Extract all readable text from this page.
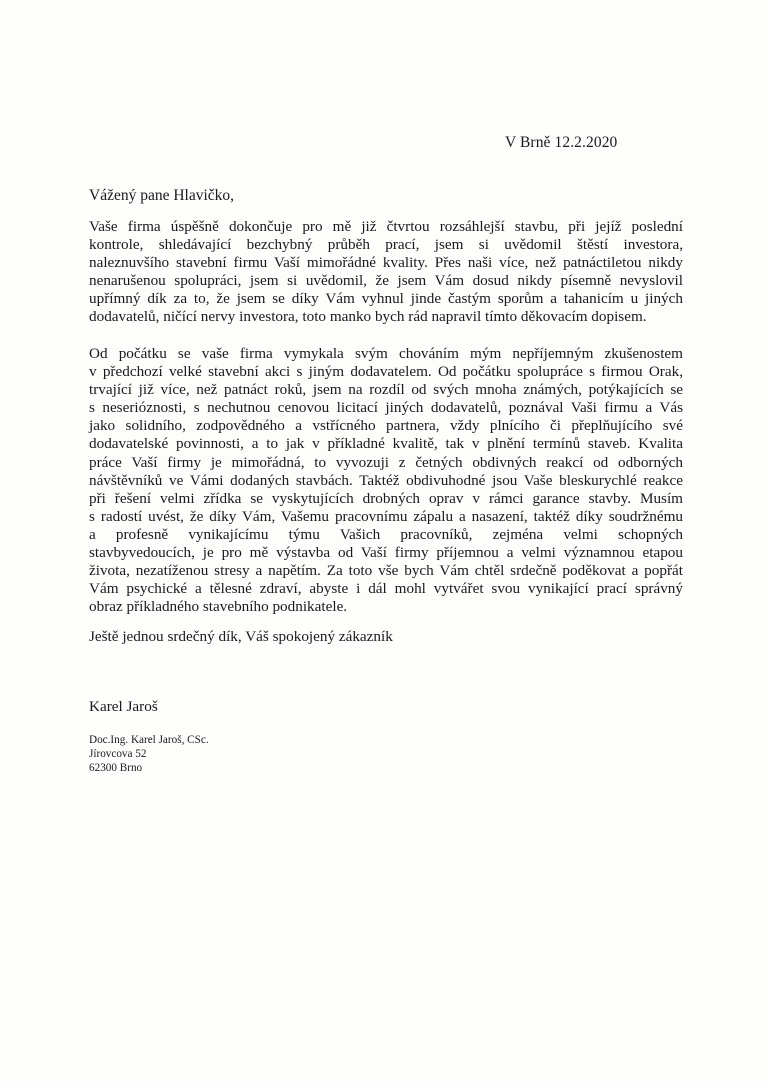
V Brně 12.2.2020
Vážený pane Hlavičko,
Vaše firma úspěšně dokončuje pro mě již čtvrtou rozsáhlejší stavbu, při jejíž poslední
kontrole, shledávající bezchybný průběh prací, jsem si uvědomil štěstí investora,
naleznuvšího stavební firmu Vaší mimořádné kvality. Přes naši více, než patnáctiletou nikdy
nenarušenou spolupráci, jsem si uvědomil, že jsem Vám dosud nikdy písemně nevyslovil
upřímný dík za to, že jsem se díky Vám vyhnul jinde častým sporům a tahanicím u jiných
dodavatelů, ničící nervy investora, toto manko bych rád napravil tímto děkovacím dopisem.
Od počátku se vaše firma vymykala svým chováním mým nepříjemným zkušenostem
v předchozí velké stavební akci s jiným dodavatelem. Od počátku spolupráce s firmou Orak,
trvající již více, než patnáct roků, jsem na rozdíl od svých mnoha známých, potýkajících se
s neserióznosti, s nechutnou cenovou licitací jiných dodavatelů, poznával Vaši firmu a Vás
jako solidního, zodpovědného a vstřícného partnera, vždy plnícího či přeplňujícího své
dodavatelské povinnosti, a to jak v příkladné kvalitě, tak v plnění termínů staveb. Kvalita
práce Vaší firmy je mimořádná, to vyvozuji z četných obdivných reakcí od odborných
návštěvníků ve Vámi dodaných stavbách. Taktéž obdivuhodné jsou Vaše bleskurychlé reakce
při řešení velmi zřídka se vyskytujících drobných oprav v rámci garance stavby. Musím
s radostí uvést, že díky Vám, Vašemu pracovnímu zápalu a nasazení, taktéž díky soudržnému
a profesně vynikajícímu týmu Vašich pracovníků, zejména velmi schopných
stavbyvedoucích, je pro mě výstavba od Vaší firmy příjemnou a velmi významnou etapou
života, nezatíženou stresy a napětím. Za toto vše bych Vám chtěl srdečně poděkovat a popřát
Vám psychické a tělesné zdraví, abyste i dál mohl vytvářet svou vynikající prací správný
obraz příkladného stavebního podnikatele.
Ještě jednou srdečný dík, Váš spokojený zákazník
Karel Jaroš
Doc.Ing. Karel Jaroš, CSc.
Jírovcova 52
62300 Brno
